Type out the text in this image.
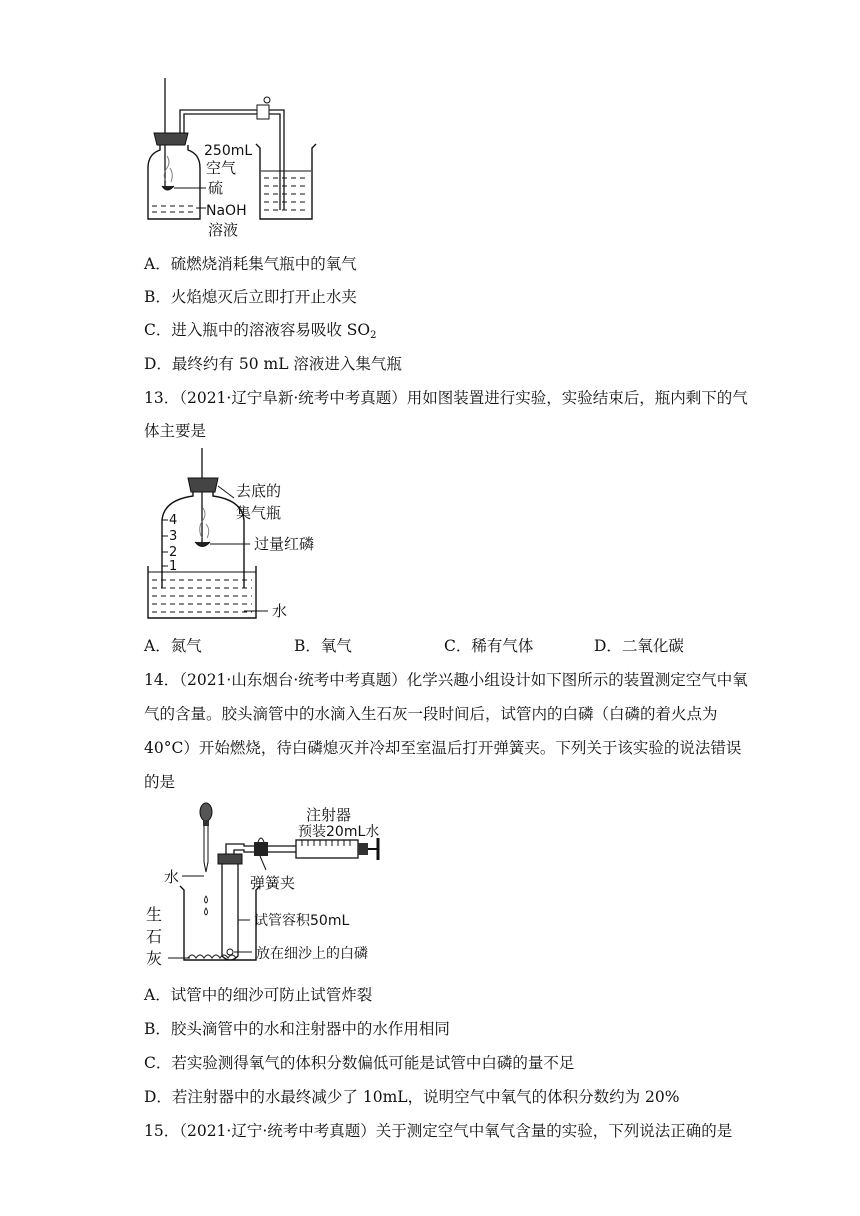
250mL
空气
硫
NaOH
溶液
A．硫燃烧消耗集气瓶中的氧气
B．火焰熄灭后立即打开止水夹
C．进入瓶中的溶液容易吸收 $SO_2$
D．最终约有 50 mL 溶液进入集气瓶
13．（2021·辽宁阜新·统考中考真题）用如图装置进行实验，实验结束后，瓶内剩下的气
体主要是
4
3
2
1
去底的
集气瓶
过量红磷
水
A．氮气	B．氧气	C．稀有气体	D．二氧化碳
14．（2021·山东烟台·统考中考真题）化学兴趣小组设计如下图所示的装置测定空气中氧
气的含量。胶头滴管中的水滴入生石灰一段时间后，试管内的白磷（白磷的着火点为
40°C）开始燃烧，待白磷熄灭并冷却至室温后打开弹簧夹。下列关于该实验的说法错误
的是
注射器
预装20mL水
水	弹簧夹
生
石
灰
试管容积50mL
放在细沙上的白磷
A．试管中的细沙可防止试管炸裂
B．胶头滴管中的水和注射器中的水作用相同
C．若实验测得氧气的体积分数偏低可能是试管中白磷的量不足
D．若注射器中的水最终减少了 10mL，说明空气中氧气的体积分数约为 20%
15．（2021·辽宁·统考中考真题）关于测定空气中氧气含量的实验，下列说法正确的是
